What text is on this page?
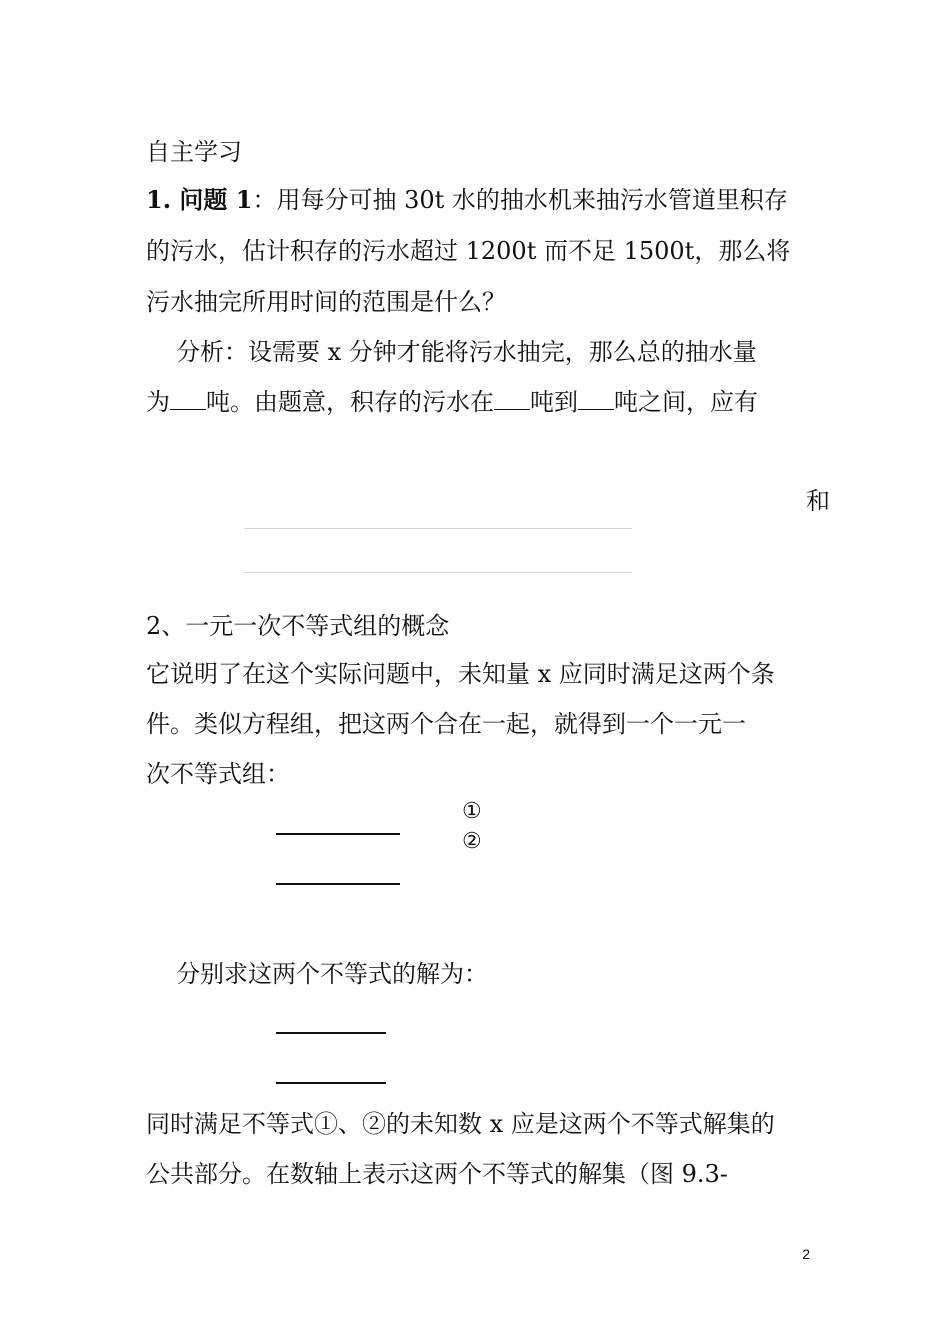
自主学习
1. 问题 1：用每分可抽 30t 水的抽水机来抽污水管道里积存
的污水，估计积存的污水超过 1200t 而不足 1500t，那么将
污水抽完所用时间的范围是什么？
分析：设需要 x 分钟才能将污水抽完，那么总的抽水量
为 吨。由题意，积存的污水在 吨到 吨之间，应有
和
2、一元一次不等式组的概念
它说明了在这个实际问题中，未知量 x 应同时满足这两个条
件。类似方程组，把这两个合在一起，就得到一个一元一
次不等式组：
①
②
分别求这两个不等式的解为：
同时满足不等式①、②的未知数 x 应是这两个不等式解集的
公共部分。在数轴上表示这两个不等式的解集（图 9.3-
2
